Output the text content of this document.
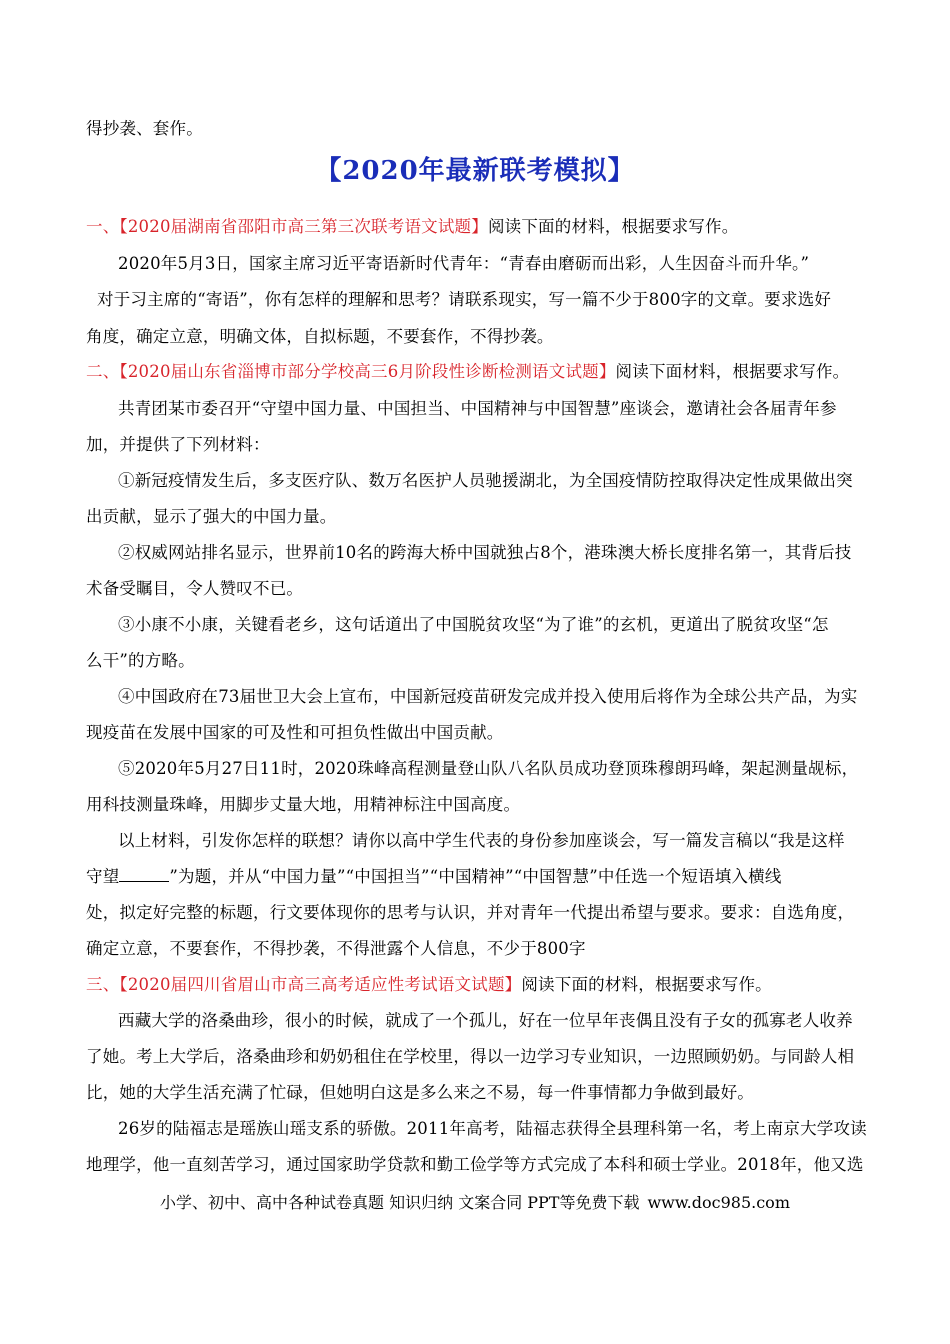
得抄袭、套作。
【2020年最新联考模拟】
一、【2020届湖南省邵阳市高三第三次联考语文试题】阅读下面的材料，根据要求写作。
2020年5月3日，国家主席习近平寄语新时代青年：“青春由磨砺而出彩，人生因奋斗而升华。”
对于习主席的“寄语”，你有怎样的理解和思考？请联系现实，写一篇不少于800字的文章。要求选好
角度，确定立意，明确文体，自拟标题，不要套作，不得抄袭。
二、【2020届山东省淄博市部分学校高三6月阶段性诊断检测语文试题】阅读下面材料，根据要求写作。
共青团某市委召开“守望中国力量、中国担当、中国精神与中国智慧”座谈会，邀请社会各届青年参
加，并提供了下列材料：
①新冠疫情发生后，多支医疗队、数万名医护人员驰援湖北，为全国疫情防控取得决定性成果做出突
出贡献，显示了强大的中国力量。
②权威网站排名显示，世界前10名的跨海大桥中国就独占8个，港珠澳大桥长度排名第一，其背后技
术备受瞩目，令人赞叹不已。
③小康不小康，关键看老乡，这句话道出了中国脱贫攻坚“为了谁”的玄机，更道出了脱贫攻坚“怎
么干”的方略。
④中国政府在73届世卫大会上宣布，中国新冠疫苗研发完成并投入使用后将作为全球公共产品，为实
现疫苗在发展中国家的可及性和可担负性做出中国贡献。
⑤2020年5月27日11时，2020珠峰高程测量登山队八名队员成功登顶珠穆朗玛峰，架起测量觇标，
用科技测量珠峰，用脚步丈量大地，用精神标注中国高度。
以上材料，引发你怎样的联想？请你以高中学生代表的身份参加座谈会，写一篇发言稿以“我是这样
守望	”为题，并从“中国力量”“中国担当”“中国精神”“中国智慧”中任选一个短语填入横线
处，拟定好完整的标题，行文要体现你的思考与认识，并对青年一代提出希望与要求。要求：自选角度，
确定立意，不要套作，不得抄袭，不得泄露个人信息，不少于800字
三、【2020届四川省眉山市高三高考适应性考试语文试题】阅读下面的材料，根据要求写作。
西藏大学的洛桑曲珍，很小的时候，就成了一个孤儿，好在一位早年丧偶且没有子女的孤寡老人收养
了她。考上大学后，洛桑曲珍和奶奶租住在学校里，得以一边学习专业知识，一边照顾奶奶。与同龄人相
比，她的大学生活充满了忙碌，但她明白这是多么来之不易，每一件事情都力争做到最好。
26岁的陆福志是瑶族山瑶支系的骄傲。2011年高考，陆福志获得全县理科第一名，考上南京大学攻读
地理学，他一直刻苦学习，通过国家助学贷款和勤工俭学等方式完成了本科和硕士学业。2018年，他又选
小学、初中、高中各种试卷真题 知识归纳 文案合同 PPT等免费下载 www.doc985.com
